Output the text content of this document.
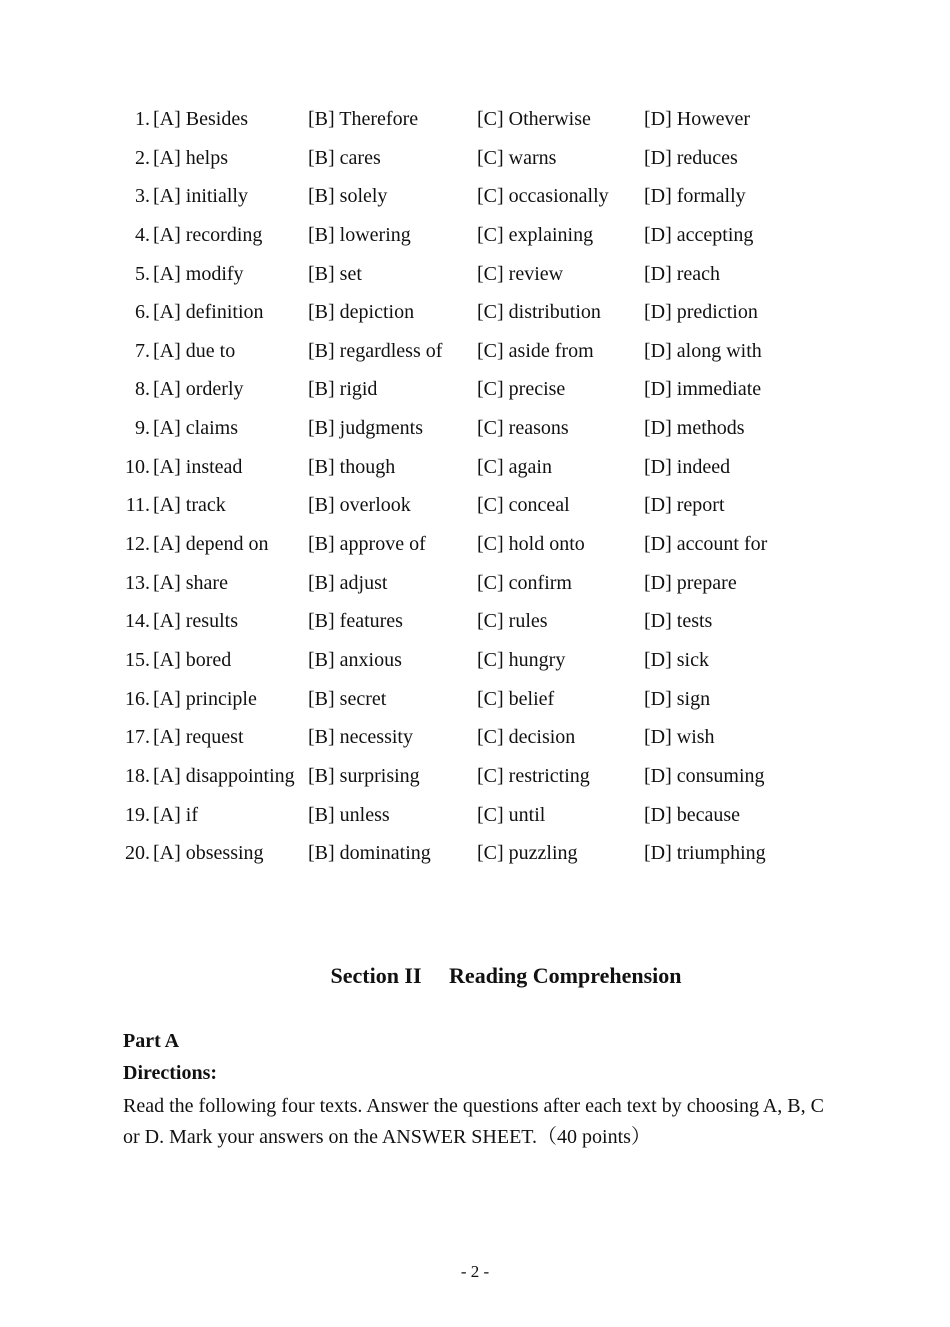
1. [A] Besides	[B] Therefore	[C] Otherwise	[D] However
2. [A] helps	[B] cares	[C] warns	[D] reduces
3. [A] initially	[B] solely	[C] occasionally [D] formally
4. [A] recording [B] lowering	[C] explaining	[D] accepting
5. [A] modify	[B] set	[C] review	[D] reach
6. [A] definition [B] depiction	[C] distribution [D] prediction
7. [A] due to	[B] regardless of [C] aside from	[D] along with
8. [A] orderly	[B] rigid	[C] precise	[D] immediate
9. [A] claims	[B] judgments	[C] reasons	[D] methods
10. [A] instead	[B] though	[C] again	[D] indeed
11. [A] track	[B] overlook	[C] conceal	[D] report
12. [A] depend on [B] approve of	[C] hold onto	[D] account for
13. [A] share	[B] adjust	[C] confirm	[D] prepare
14. [A] results	[B] features	[C] rules	[D] tests
15. [A] bored	[B] anxious	[C] hungry	[D] sick
16. [A] principle	[B] secret	[C] belief	[D] sign
17. [A] request	[B] necessity	[C] decision	[D] wish
18. [A] disappointing [B] surprising	[C] restricting	[D] consuming
19. [A] if	[B] unless	[C] until	[D] because
20. [A] obsessing [B] dominating [C] puzzling	[D] triumphing
Section II Reading Comprehension
Part A
Directions:
Read the following four texts. Answer the questions after each text by choosing A, B, C or D. Mark your answers on the ANSWER SHEET.（40 points）
- 2 -
